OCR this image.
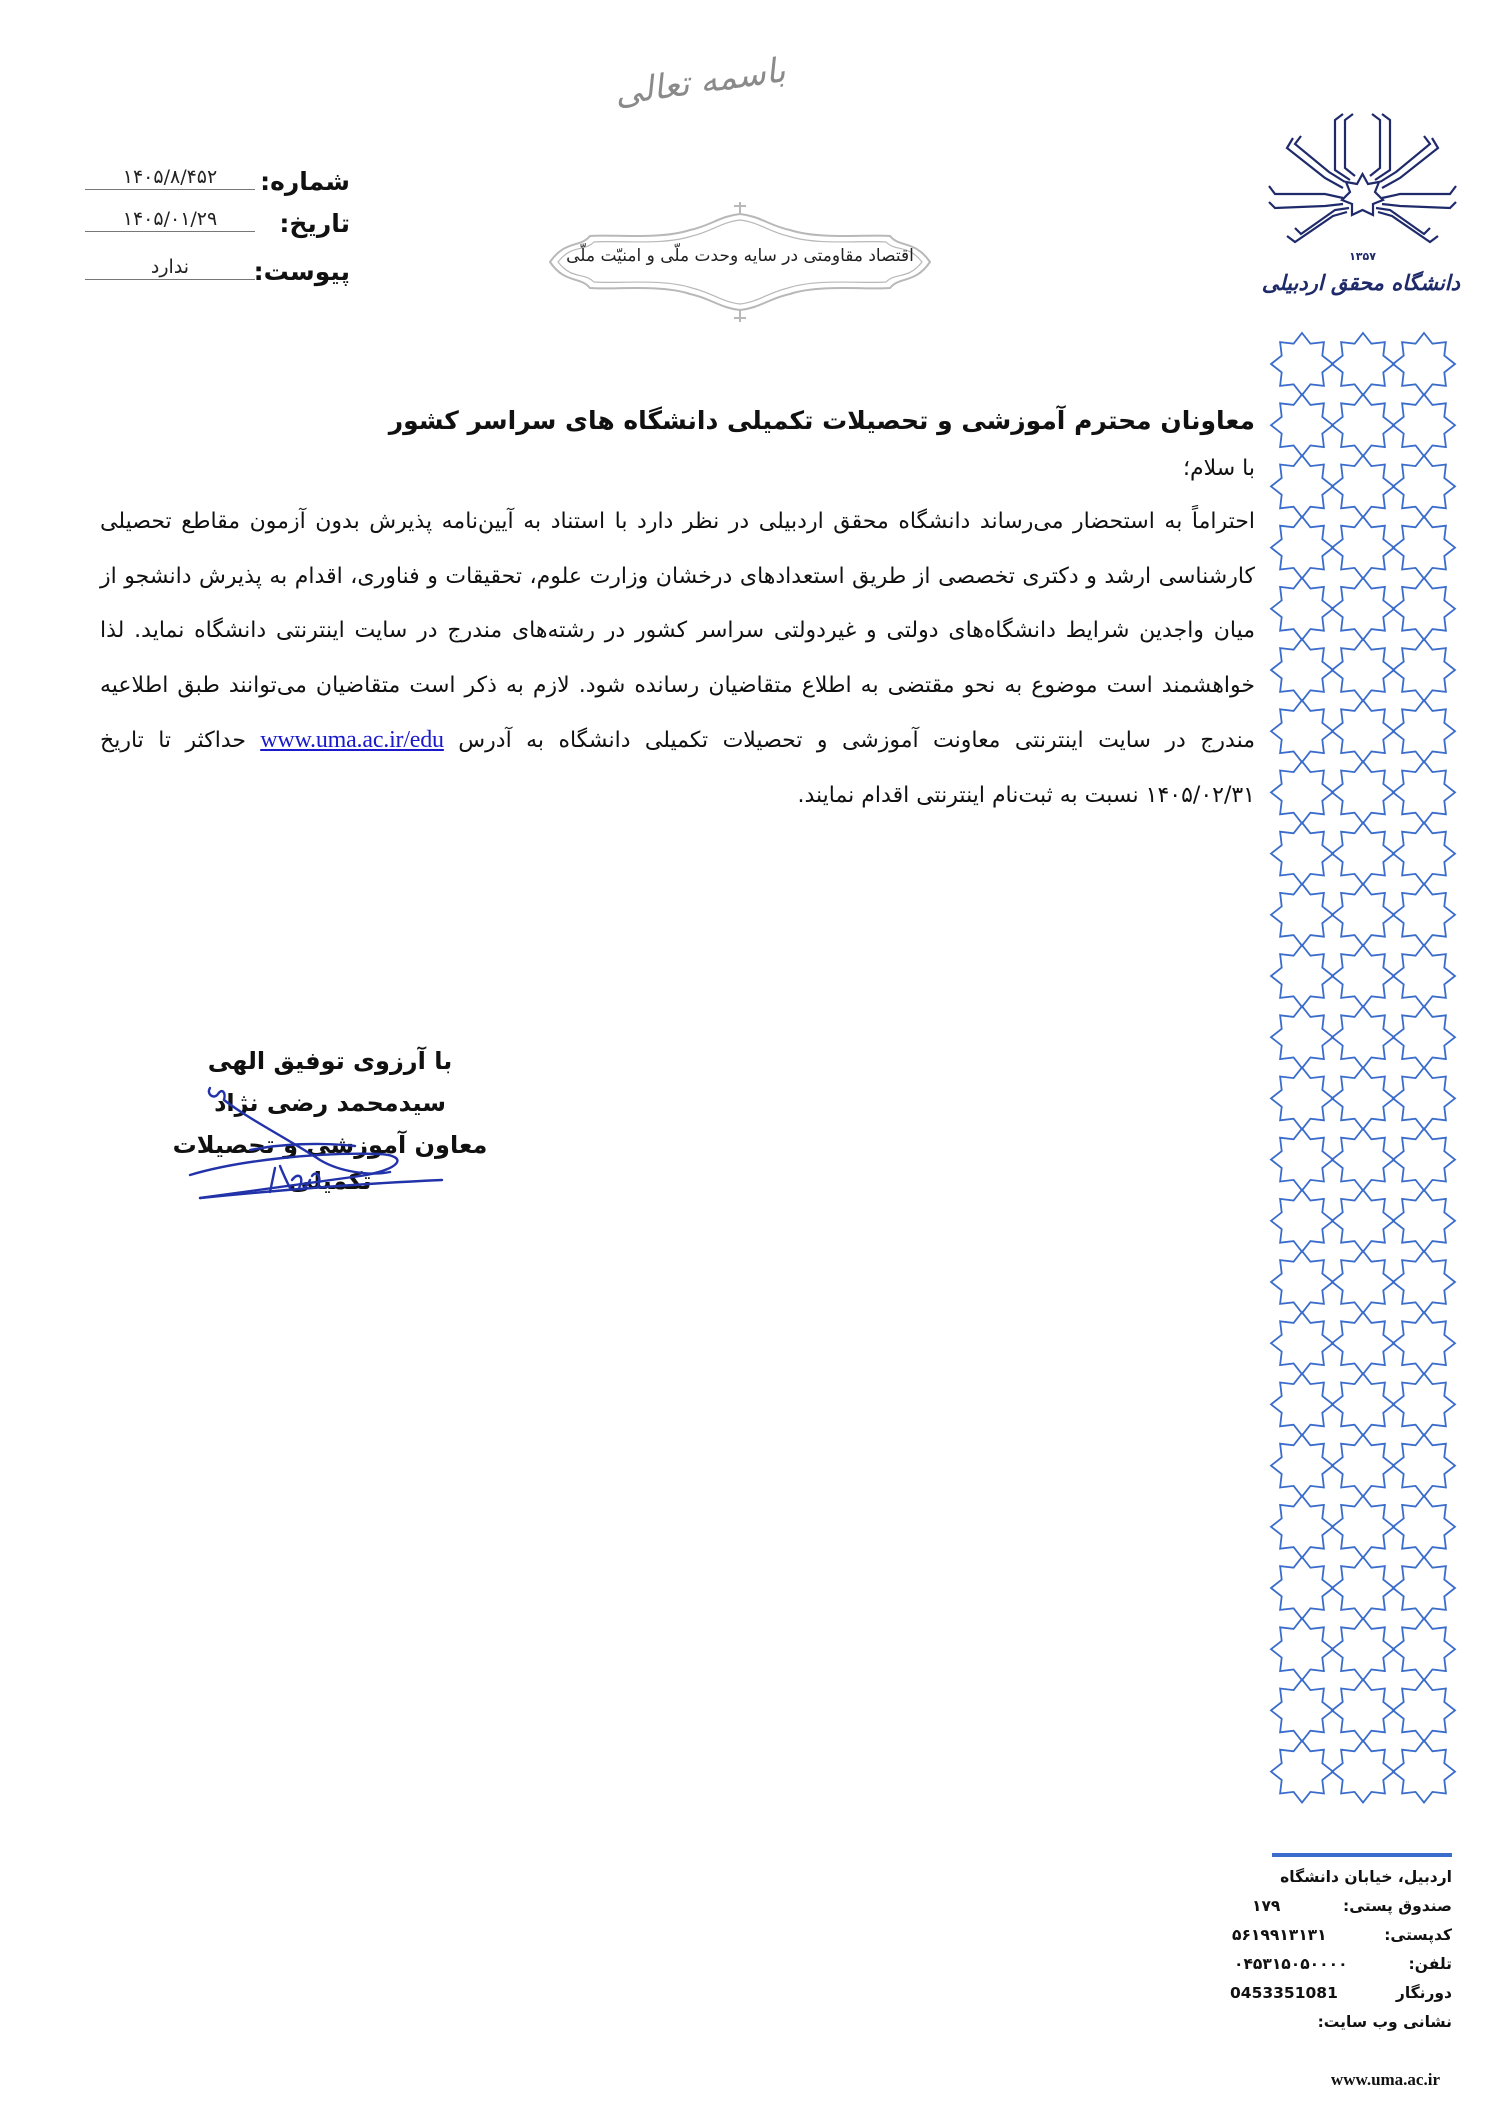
باسمه تعالی
شماره:
۱۴۰۵/۸/۴۵۲
تاریخ:
۱۴۰۵/۰۱/۲۹
پیوست:
ندارد	اقتصاد مقاومتی در سایه وحدت ملّی و امنیّت ملّی	۱۳۵۷
دانشگاه محقق اردبیلی
اردبیل، خیابان دانشگاه
صندوق پستی:
۱۷۹
کدپستی:
۵۶۱۹۹۱۳۱۳۱
تلفن:
۰۴۵۳۱۵۰۵۰۰۰۰
دورنگار
0453351081
نشانی وب سایت:
www.uma.ac.ir
معاونان محترم آموزشی و تحصیلات تکمیلی دانشگاه های سراسر کشور
با سلام؛
احتراماً به استحضار می‌رساند دانشگاه محقق اردبیلی در نظر دارد با استناد به آیین‌نامه پذیرش بدون آزمون مقاطع تحصیلی کارشناسی ارشد و دکتری تخصصی از طریق استعدادهای درخشان وزارت علوم، تحقیقات و فناوری، اقدام به پذیرش دانشجو از میان واجدین شرایط دانشگاه‌های دولتی و غیردولتی سراسر کشور در رشته‌های مندرج در سایت اینترنتی دانشگاه نماید. لذا خواهشمند است موضوع به نحو مقتضی به اطلاع متقاضیان رسانده شود. لازم به ذکر است متقاضیان می‌توانند طبق اطلاعیه مندرج در سایت اینترنتی معاونت آموزشی و تحصیلات تکمیلی دانشگاه به آدرس www.uma.ac.ir/edu حداکثر تا تاریخ ۱۴۰۵/۰۲/۳۱ نسبت به ثبت‌نام اینترنتی اقدام نمایند.
با آرزوی توفیق الهی
سیدمحمد رضی نژاد
معاون آموزشی و تحصیلات
تکمیلی
